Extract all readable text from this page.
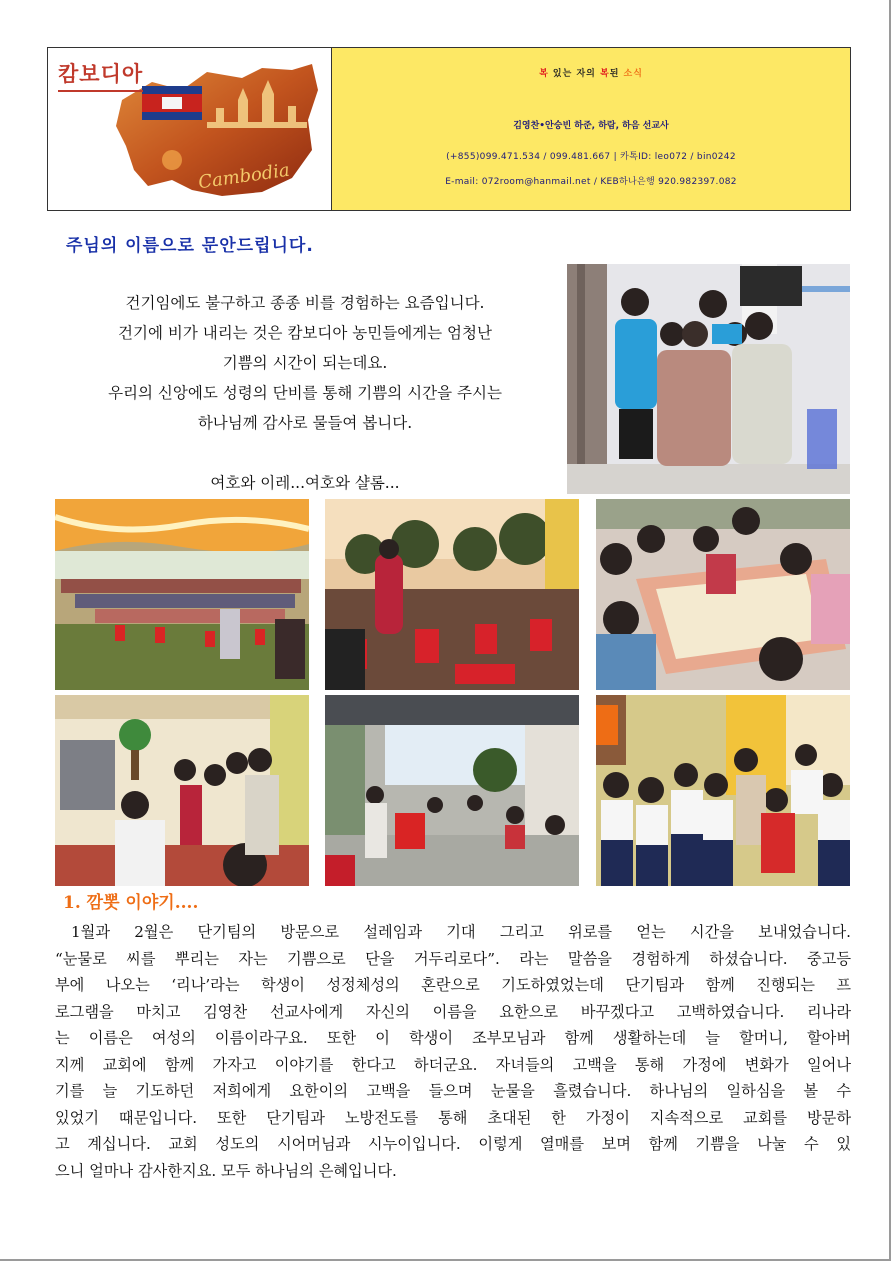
캄보디아
Cambodia
복 있는 자의 복된 소식
김영찬•안숭빈 하준, 하람, 하음 선교사
(+855)099.471.534 / 099.481.667 | 카톡ID: leo072 / bin0242
E-mail: 072room@hanmail.net / KEB하나은행 920.982397.082
주님의 이름으로 문안드립니다.
건기임에도 불구하고 종종 비를 경험하는 요즘입니다.
건기에 비가 내리는 것은 캄보디아 농민들에게는 엄청난
기쁨의 시간이 되는데요.
우리의 신앙에도 성령의 단비를 통해 기쁨의 시간을 주시는
하나님께 감사로 물들여 봅니다.
여호와 이레...여호와 샬롬...
1. 깜뽓 이야기....
1월과 2월은 단기팀의 방문으로 설레임과 기대 그리고 위로를 얻는 시간을 보내었습니다.
“눈물로 씨를 뿌리는 자는 기쁨으로 단을 거두리로다”. 라는 말씀을 경험하게 하셨습니다. 중고등
부에 나오는 ‘리나’라는 학생이 성정체성의 혼란으로 기도하였었는데 단기팀과 함께 진행되는 프
로그램을 마치고 김영찬 선교사에게 자신의 이름을 요한으로 바꾸겠다고 고백하였습니다. 리나라
는 이름은 여성의 이름이라구요. 또한 이 학생이 조부모님과 함께 생활하는데 늘 할머니, 할아버
지께 교회에 함께 가자고 이야기를 한다고 하더군요. 자녀들의 고백을 통해 가정에 변화가 일어나
기를 늘 기도하던 저희에게 요한이의 고백을 들으며 눈물을 흘렸습니다. 하나님의 일하심을 볼 수
있었기 때문입니다. 또한 단기팀과 노방전도를 통해 초대된 한 가정이 지속적으로 교회를 방문하
고 계십니다. 교회 성도의 시어머님과 시누이입니다. 이렇게 열매를 보며 함께 기쁨을 나눌 수 있
으니 얼마나 감사한지요. 모두 하나님의 은혜입니다.
